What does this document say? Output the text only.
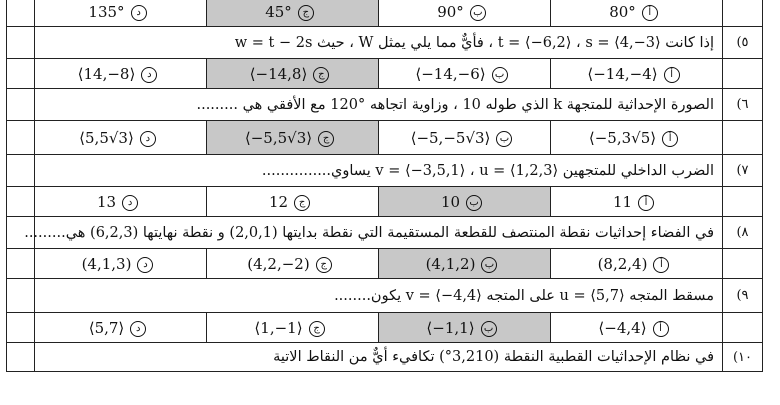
	أ80°	ب90°	ج45°	د135°	
٥)	إذا كانت t = ⟨−6,2⟩ ، s = ⟨4,−3⟩ ، فأيٌّ مما يلي يمثل W ، حيث w = t − 2s				
	أ⟨−14,−4⟩	ب⟨−14,−6⟩	ج⟨−14,8⟩	د⟨14,−8⟩	
٦)	الصورة الإحداثية للمتجهة k الذي طوله 10 ، وزاوية اتجاهه °120 مع الأفقي هي .........				
	أ⟨−5,3√5⟩	ب⟨−5,−5√3⟩	ج⟨−5,5√3⟩	د⟨5,5√3⟩	
٧)	الضرب الداخلي للمتجهين v = ⟨−3,5,1⟩ ، u = ⟨1,2,3⟩ يساوي...............				
	أ11	ب10	ج12	د13	
٨)	في الفضاء إحداثيات نقطة المنتصف للقطعة المستقيمة التي نقطة بدايتها (2,0,1) و نقطة نهايتها (6,2,3) هي.........				
	أ(8,2,4)	ب(4,1,2)	ج(4,2,−2)	د(4,1,3)	
٩)	مسقط المتجه u = ⟨5,7⟩ على المتجه v = ⟨−4,4⟩ يكون........				
	أ⟨−4,4⟩	ب⟨−1,1⟩	ج⟨1,−1⟩	د⟨5,7⟩	
١٠)	في نظام الإحداثيات القطبية النقطة (3,210°) تكافيء أيٌّ من النقاط الاتية				
